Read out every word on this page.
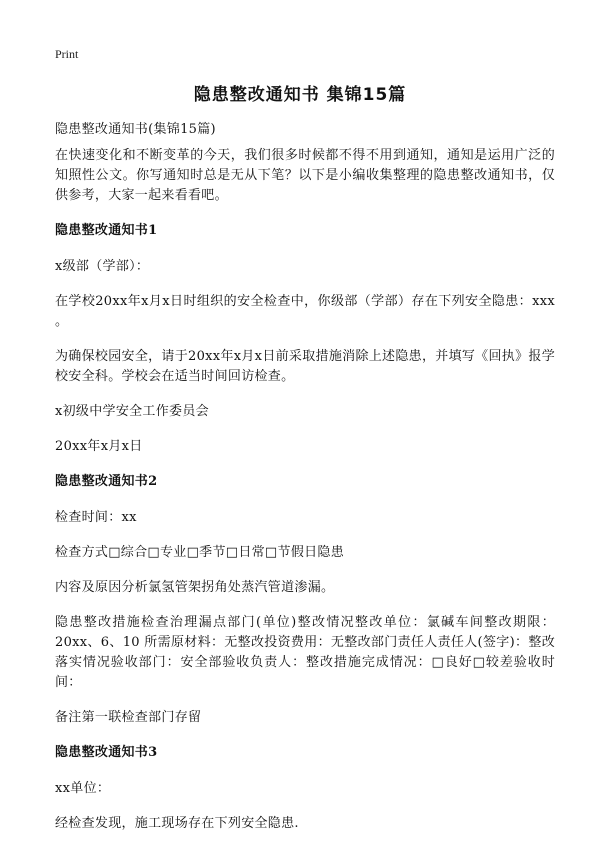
Print
隐患整改通知书 集锦15篇

隐患整改通知书(集锦15篇)

在快速变化和不断变革的今天，我们很多时候都不得不用到通知，通知是运用广泛的知照性公文。你写通知时总是无从下笔？以下是小编收集整理的隐患整改通知书，仅供参考，大家一起来看看吧。

隐患整改通知书1

x级部（学部）：

在学校20xx年x月x日时组织的安全检查中，你级部（学部）存在下列安全隐患：xxx 。

为确保校园安全，请于20xx年x月x日前采取措施消除上述隐患，并填写《回执》报学校安全科。学校会在适当时间回访检查。

x初级中学安全工作委员会

20xx年x月x日

隐患整改通知书2

检查时间：xx

检查方式□综合□专业□季节□日常□节假日隐患

内容及原因分析氯氢管架拐角处蒸汽管道渗漏。

隐患整改措施检查治理漏点部门(单位)整改情况整改单位：氯碱车间整改期限：20xx、6、10 所需原材料：无整改投资费用：无整改部门责任人责任人(签字)：整改落实情况验收部门：安全部验收负责人：整改措施完成情况：□良好□较差验收时间：

备注第一联检查部门存留

隐患整改通知书3

xx单位：

经检查发现，施工现场存在下列安全隐患.
